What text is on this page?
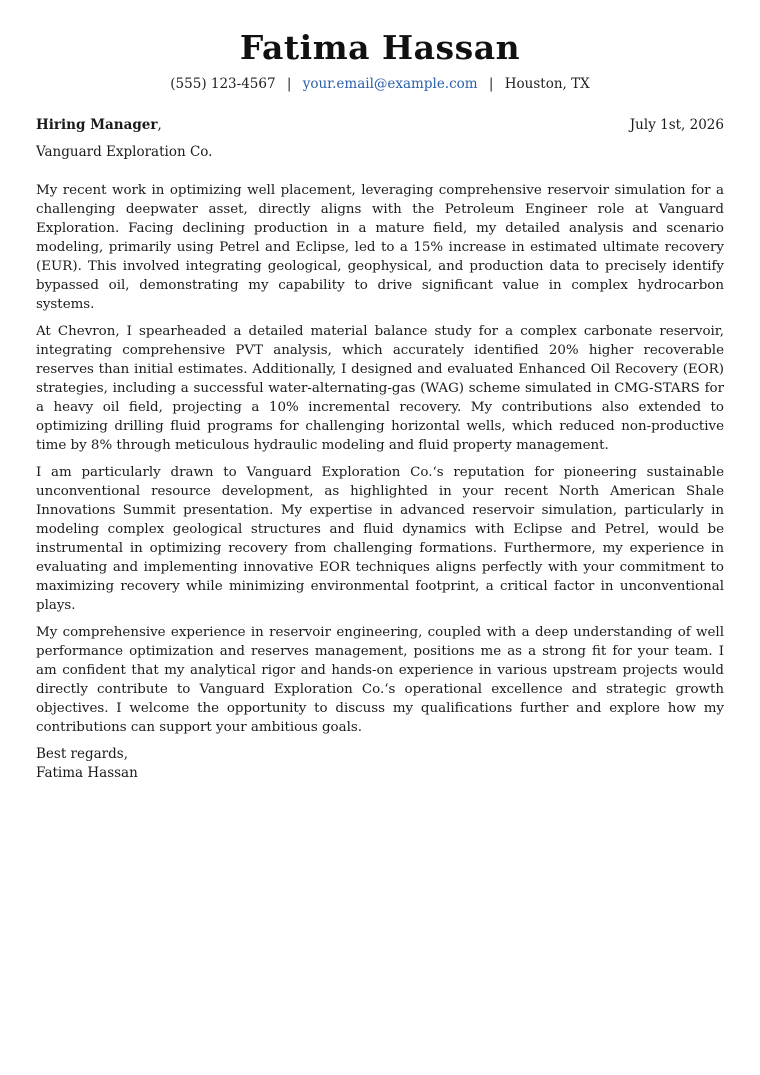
Fatima Hassan
(555) 123-4567 | your.email@example.com | Houston, TX
Hiring Manager,	July 1st, 2026
Vanguard Exploration Co.

My recent work in optimizing well placement, leveraging comprehensive reservoir simulation for a challenging deepwater asset, directly aligns with the Petroleum Engineer role at Vanguard Exploration. Facing declining production in a mature field, my detailed analysis and scenario modeling, primarily using Petrel and Eclipse, led to a 15% increase in estimated ultimate recovery (EUR). This involved integrating geological, geophysical, and production data to precisely identify bypassed oil, demonstrating my capability to drive significant value in complex hydrocarbon systems.

At Chevron, I spearheaded a detailed material balance study for a complex carbonate reservoir, integrating comprehensive PVT analysis, which accurately identified 20% higher recoverable reserves than initial estimates. Additionally, I designed and evaluated Enhanced Oil Recovery (EOR) strategies, including a successful water-alternating-gas (WAG) scheme simulated in CMG-STARS for a heavy oil field, projecting a 10% incremental recovery. My contributions also extended to optimizing drilling fluid programs for challenging horizontal wells, which reduced non-productive time by 8% through meticulous hydraulic modeling and fluid property management.

I am particularly drawn to Vanguard Exploration Co.‘s reputation for pioneering sustainable unconventional resource development, as highlighted in your recent North American Shale Innovations Summit presentation. My expertise in advanced reservoir simulation, particularly in modeling complex geological structures and fluid dynamics with Eclipse and Petrel, would be instrumental in optimizing recovery from challenging formations. Furthermore, my experience in evaluating and implementing innovative EOR techniques aligns perfectly with your commitment to maximizing recovery while minimizing environmental footprint, a critical factor in unconventional plays.

My comprehensive experience in reservoir engineering, coupled with a deep understanding of well performance optimization and reserves management, positions me as a strong fit for your team. I am confident that my analytical rigor and hands-on experience in various upstream projects would directly contribute to Vanguard Exploration Co.‘s operational excellence and strategic growth objectives. I welcome the opportunity to discuss my qualifications further and explore how my contributions can support your ambitious goals.

Best regards,
Fatima Hassan
